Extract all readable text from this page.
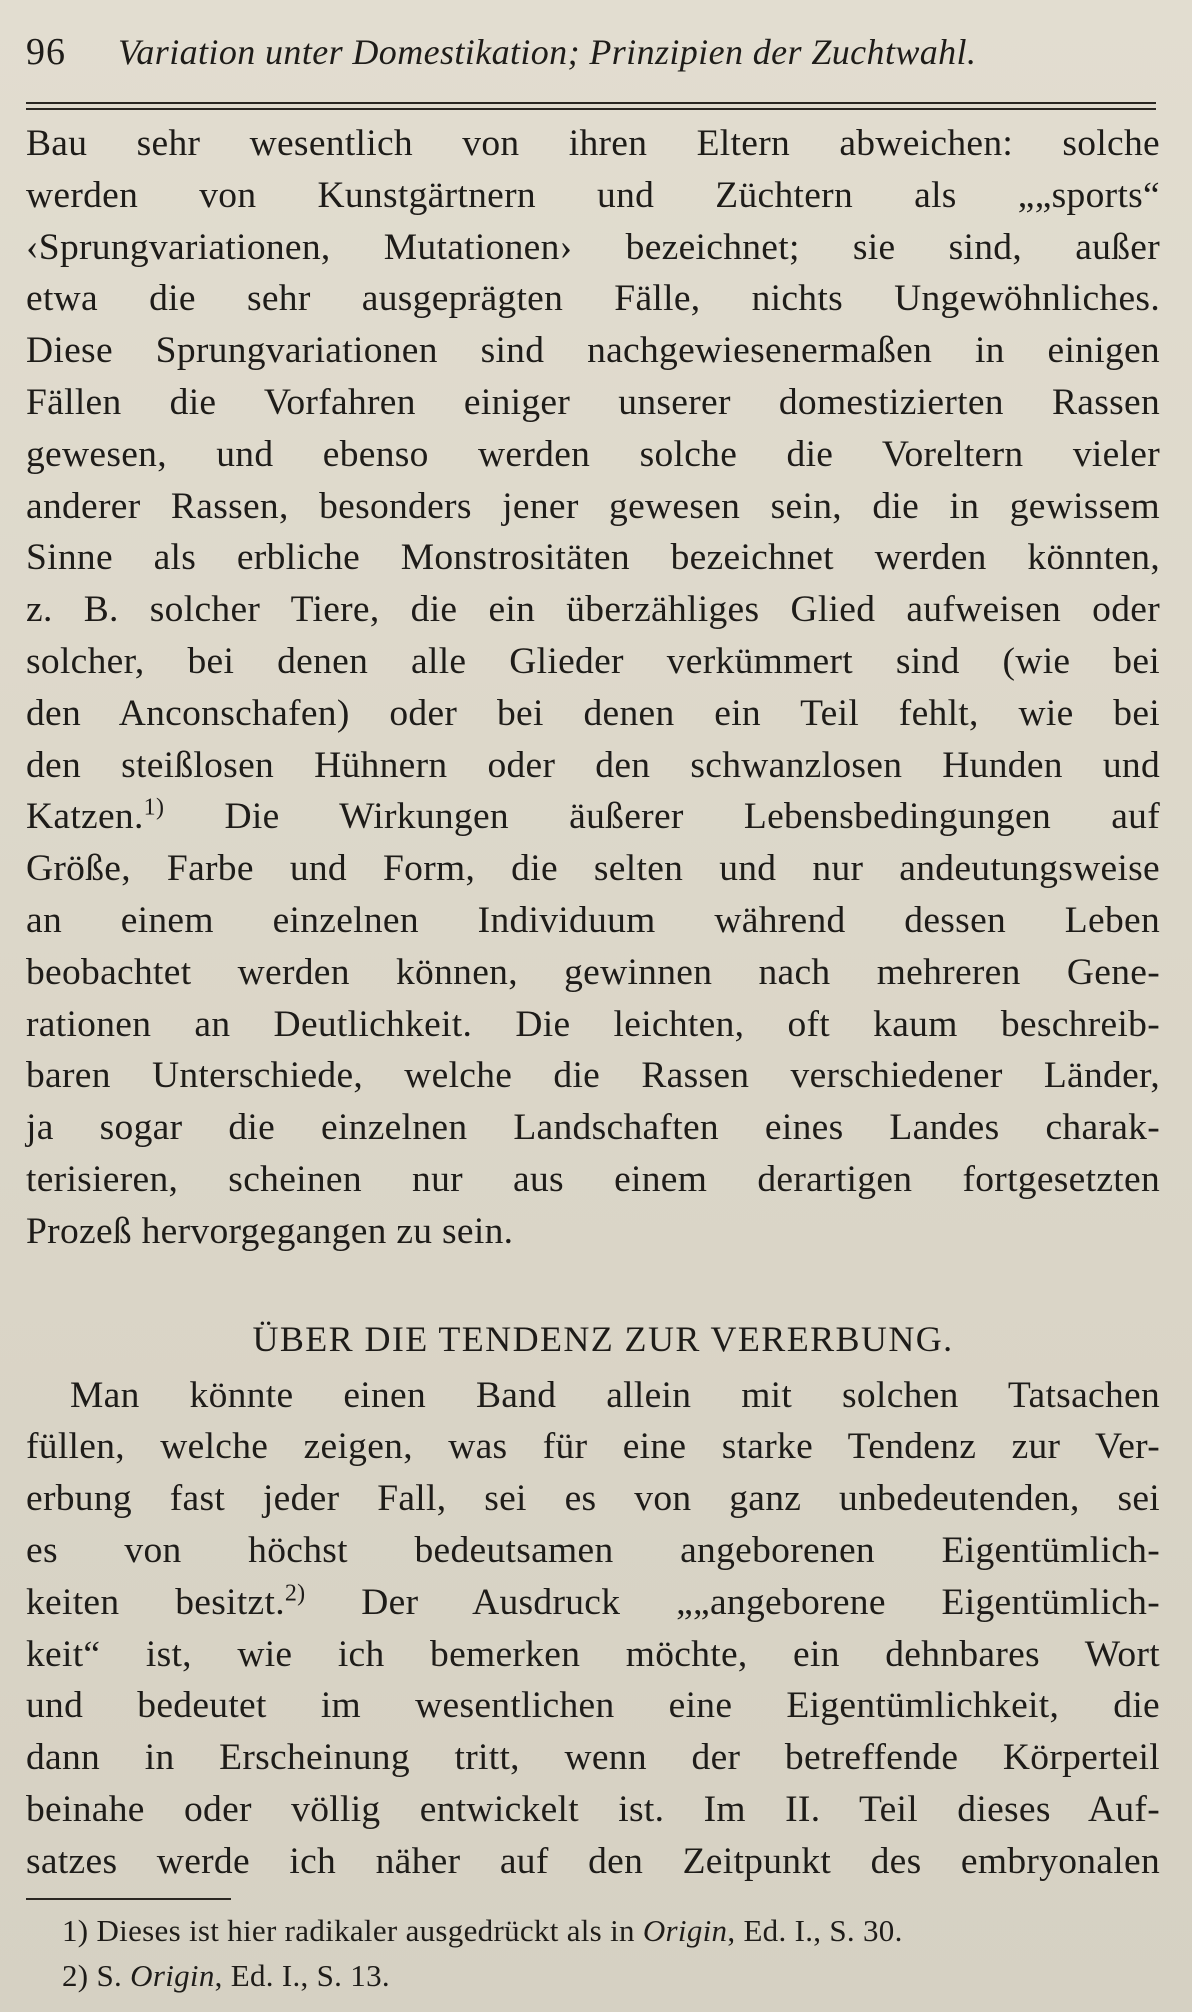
96	Variation unter Domestikation; Prinzipien der Zuchtwahl.
Bau sehr wesentlich von ihren Eltern abweichen: solche
werden von Kunstgärtnern und Züchtern als „„sports“
‹Sprungvariationen, Mutationen› bezeichnet; sie sind, außer
etwa die sehr ausgeprägten Fälle, nichts Ungewöhnliches.
Diese Sprungvariationen sind nachgewiesenermaßen in einigen
Fällen die Vorfahren einiger unserer domestizierten Rassen
gewesen, und ebenso werden solche die Voreltern vieler
anderer Rassen, besonders jener gewesen sein, die in gewissem
Sinne als erbliche Monstrositäten bezeichnet werden könnten,
z. B. solcher Tiere, die ein überzähliges Glied aufweisen oder
solcher, bei denen alle Glieder verkümmert sind (wie bei
den Anconschafen) oder bei denen ein Teil fehlt, wie bei
den steißlosen Hühnern oder den schwanzlosen Hunden und
Katzen.$^{1)}$ Die Wirkungen äußerer Lebensbedingungen auf
Größe, Farbe und Form, die selten und nur andeutungsweise
an einem einzelnen Individuum während dessen Leben
beobachtet werden können, gewinnen nach mehreren Gene-
rationen an Deutlichkeit. Die leichten, oft kaum beschreib-
baren Unterschiede, welche die Rassen verschiedener Länder,
ja sogar die einzelnen Landschaften eines Landes charak-
terisieren, scheinen nur aus einem derartigen fortgesetzten
Prozeß hervorgegangen zu sein.
ÜBER DIE TENDENZ ZUR VERERBUNG.
Man könnte einen Band allein mit solchen Tatsachen
füllen, welche zeigen, was für eine starke Tendenz zur Ver-
erbung fast jeder Fall, sei es von ganz unbedeutenden, sei
es von höchst bedeutsamen angeborenen Eigentümlich-
keiten besitzt.$^{2)}$ Der Ausdruck „„angeborene Eigentümlich-
keit“ ist, wie ich bemerken möchte, ein dehnbares Wort
und bedeutet im wesentlichen eine Eigentümlichkeit, die
dann in Erscheinung tritt, wenn der betreffende Körperteil
beinahe oder völlig entwickelt ist. Im II. Teil dieses Auf-
satzes werde ich näher auf den Zeitpunkt des embryonalen
1) Dieses ist hier radikaler ausgedrückt als in Origin, Ed. I., S. 30.
2) S. Origin, Ed. I., S. 13.
